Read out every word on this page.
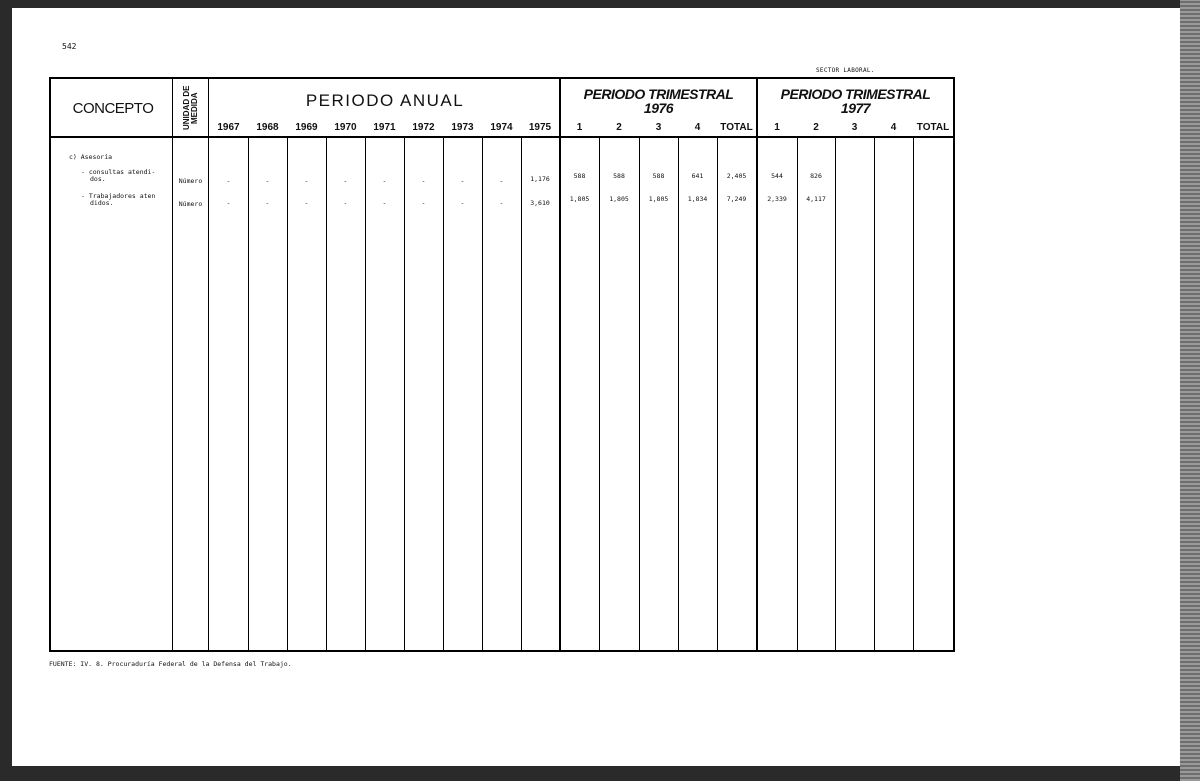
542
SECTOR LABORAL.
CONCEPTO	UNIDAD DE MEDIDA	PERIODO ANUAL	PERIODO TRIMESTRAL
1976
PERIODO TRIMESTRAL
1977
1967	1968	1969	1970	1971	1972	1973	1974	1975	1	2	3	4	TOTAL	1	2	3	4	TOTAL
c) Asesoría
- consultas atendi-
dos.	Número	-	-	-	-	-	-	-	-	1,176	588	588	588	641	2,405	544	826
- Trabajadores aten
didos.	Número	-	-	-	-	-	-	-	-	3,610	1,805	1,805	1,805	1,834	7,249	2,339	4,117
FUENTE: IV. 8. Procuraduría Federal de la Defensa del Trabajo.
